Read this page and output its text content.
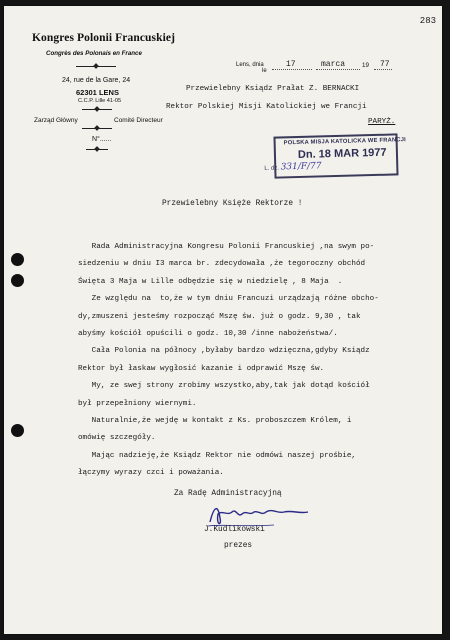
283
Kongres Polonii Francuskiej
Congrès des Polonais en France
24, rue de la Gare, 24
62301 LENS
C.C.P. Lille 41-05
Zarząd Główny	Comité Directeur
N°......
Lens, dnia
le
17	marca	19 77
Przewielebny Ksiądz Prałat Z. BERNACKI
Rektor Polskiej Misji Katolickiej we Francji
PARYŻ.
POLSKA MISJA KATOLICKA WE FRANCJI
Dn. 18 MAR 1977
L. dz. 331/F/77
Przewielebny Księże Rektorze !

Rada Administracyjna Kongresu Polonii Francuskiej ,na swym po-

siedzeniu w dniu I3 marca br. zdecydowała ,że tegoroczny obchód

Święta 3 Maja w Lille odbędzie się w niedzielę , 8 Maja  .

Ze względu na  to,że w tym dniu Francuzi urządzają różne obcho-

dy,zmuszeni jesteśmy rozpocząć Mszę św. już o godz. 9,30 , tak

abyśmy kościół opuścili o godz. 10,30 /inne nabożeństwa/.

Cała Polonia na północy ,byłaby bardzo wdzięczna,gdyby Ksiądz

Rektor był łaskaw wygłosić kazanie i odprawić Mszę św.

My, ze swej strony zrobimy wszystko,aby,tak jak dotąd kościół

był przepełniony wiernymi.

Naturalnie,że wejdę w kontakt z Ks. proboszczem Królem, i

omówię szczegóły.

Mając nadzieję,że Ksiądz Rektor nie odmówi naszej prośbie,

łączymy wyrazy czci i poważania.

Za Radę Administracyjną
J.Kudlikowski
prezes
